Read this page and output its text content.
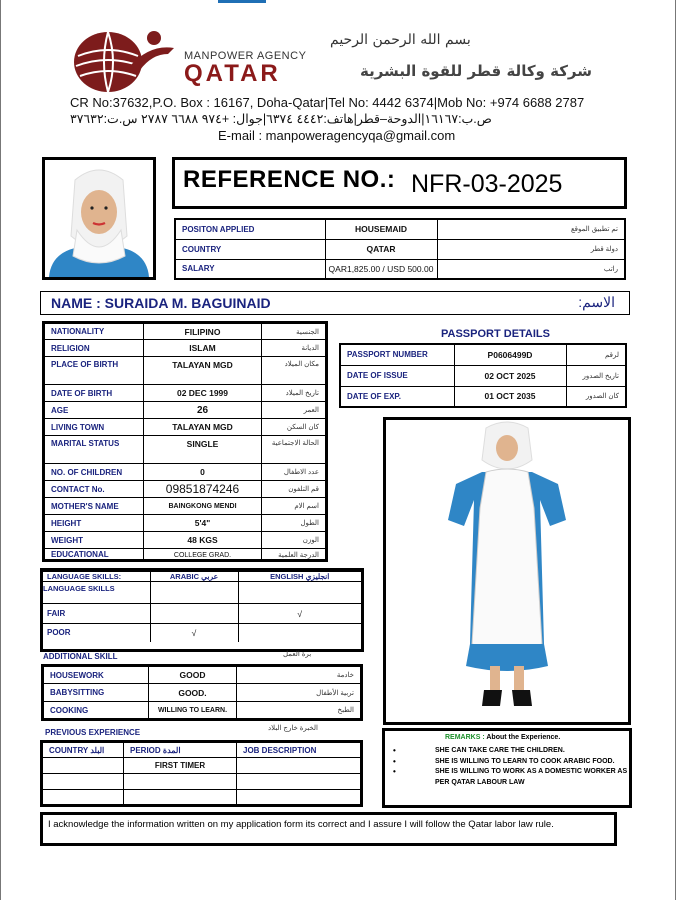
بسم الله الرحمن الرحيم
MANPOWER AGENCY
QATAR	شركة وكالة قطر للقوة البشرية
CR No:37632,P.O. Box : 16167, Doha-Qatar|Tel No: 4442 6374|Mob No: +974 6688 2787
ص.ب:١٦١٦٧|الدوحة–قطر|هاتف:٤٤٤٢ ٦٣٧٤|جوال: +٩٧٤ ٦٦٨٨ ٢٧٨٧ س.ت:٣٧٦٣٢
E-mail : manpoweragencyqa@gmail.com
REFERENCE NO.: NFR-03-2025
POSITON APPLIED	HOUSEMAID	تم تطبيق الموقع
COUNTRY	QATAR	دولة قطر
SALARY	QAR1,825.00 / USD 500.00	راتب
NAME : SURAIDA M. BAGUINAID	الاسم:
NATIONALITY	FILIPINO	الجنسية
RELIGION	ISLAM	الديانة
PLACE OF BIRTH	TALAYAN MGD	مكان الميلاد
DATE OF BIRTH	02 DEC 1999	تاريخ الميلاد
AGE	26	العمر
LIVING TOWN	TALAYAN MGD	كان السكن
MARITAL STATUS	SINGLE	الحالة الاجتماعية
NO. OF CHILDREN	0	عدد الاطفال
CONTACT No.	09851874246	قم التلفون
MOTHER'S NAME	BAINGKONG MENDI	اسم الام
HEIGHT	5'4"	الطول
WEIGHT	48 KGS	الوزن
EDUCATIONAL	COLLEGE GRAD.	الدرجة العلمية
PASSPORT DETAILS
PASSPORT NUMBER	P0606499D	لرقم
DATE OF ISSUE	02 OCT 2025	تاريخ الصدور
DATE OF EXP.	01 OCT 2035	كان الصدور
LANGUAGE SKILLS:	ARABIC عربي	ENGLISH انجليزي
LANGUAGE SKILLS		
FAIR		√
POOR	√	
ADDITIONAL SKILL	برة العمل
HOUSEWORK	GOOD	خادمة
BABYSITTING	GOOD.	تربية الأطفال
COOKING	WILLING TO LEARN.	الطبخ
PREVIOUS EXPERIENCE	الخبرة خارج البلاد
COUNTRY البلد	PERIOD المدة	JOB DESCRIPTION
	FIRST TIMER	

REMARKS : About the Experience.
• SHE CAN TAKE CARE THE CHILDREN.
• SHE IS WILLING TO LEARN TO COOK ARABIC FOOD.
• SHE IS WILLING TO WORK AS A DOMESTIC WORKER AS PER QATAR LABOUR LAW
I acknowledge the information written on my application form its correct and I assure I will follow the Qatar labor law rule.
